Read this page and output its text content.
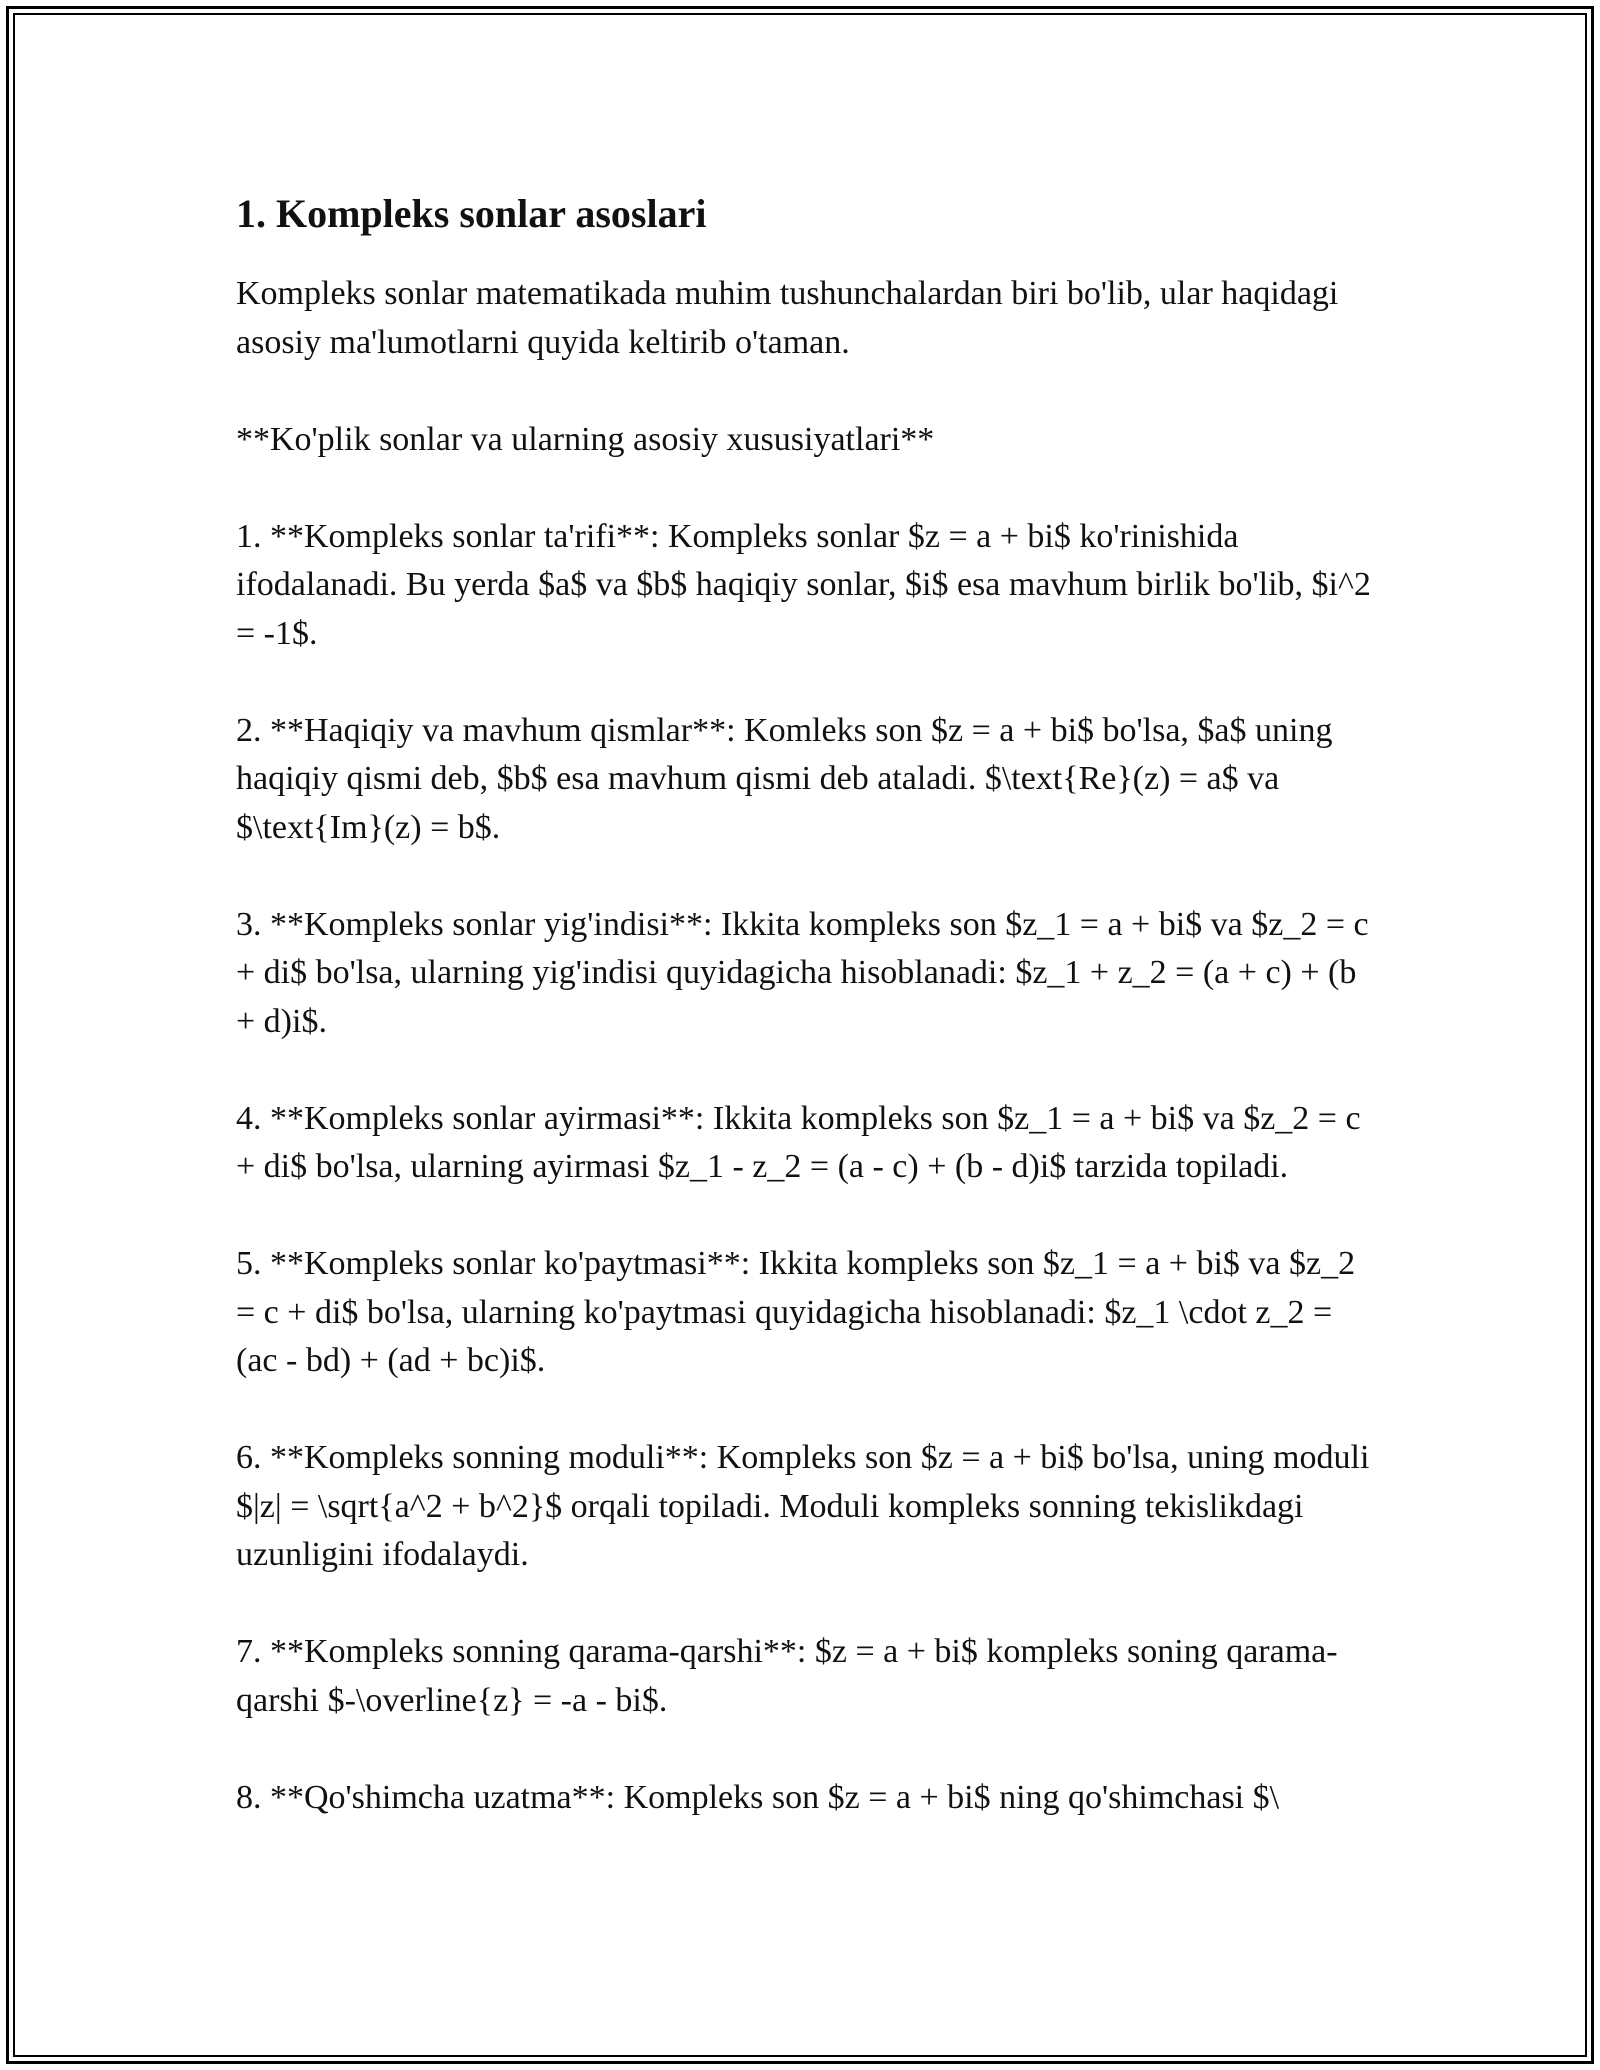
1. Kompleks sonlar asoslari
Kompleks sonlar matematikada muhim tushunchalardan biri bo'lib, ular haqidagi asosiy ma'lumotlarni quyida keltirib o'taman.
**Ko'plik sonlar va ularning asosiy xususiyatlari**
1. **Kompleks sonlar ta'rifi**: Kompleks sonlar $z = a + bi$ ko'rinishida ifodalanadi. Bu yerda $a$ va $b$ haqiqiy sonlar, $i$ esa mavhum birlik bo'lib, $i^2 = -1$.
2. **Haqiqiy va mavhum qismlar**: Komleks son $z = a + bi$ bo'lsa, $a$ uning haqiqiy qismi deb, $b$ esa mavhum qismi deb ataladi. $\text{Re}(z) = a$ va $\text{Im}(z) = b$.
3. **Kompleks sonlar yig'indisi**: Ikkita kompleks son $z_1 = a + bi$ va $z_2 = c + di$ bo'lsa, ularning yig'indisi quyidagicha hisoblanadi: $z_1 + z_2 = (a + c) + (b + d)i$.
4. **Kompleks sonlar ayirmasi**: Ikkita kompleks son $z_1 = a + bi$ va $z_2 = c + di$ bo'lsa, ularning ayirmasi $z_1 - z_2 = (a - c) + (b - d)i$ tarzida topiladi.
5. **Kompleks sonlar ko'paytmasi**: Ikkita kompleks son $z_1 = a + bi$ va $z_2 = c + di$ bo'lsa, ularning ko'paytmasi quyidagicha hisoblanadi: $z_1 \cdot z_2 = (ac - bd) + (ad + bc)i$.
6. **Kompleks sonning moduli**: Kompleks son $z = a + bi$ bo'lsa, uning moduli $|z| = \sqrt{a^2 + b^2}$ orqali topiladi. Moduli kompleks sonning tekislikdagi uzunligini ifodalaydi.
7. **Kompleks sonning qarama-qarshi**: $z = a + bi$ kompleks soning qarama-qarshi $-\overline{z} = -a - bi$.
8. **Qo'shimcha uzatma**: Kompleks son $z = a + bi$ ning qo'shimchasi $\
